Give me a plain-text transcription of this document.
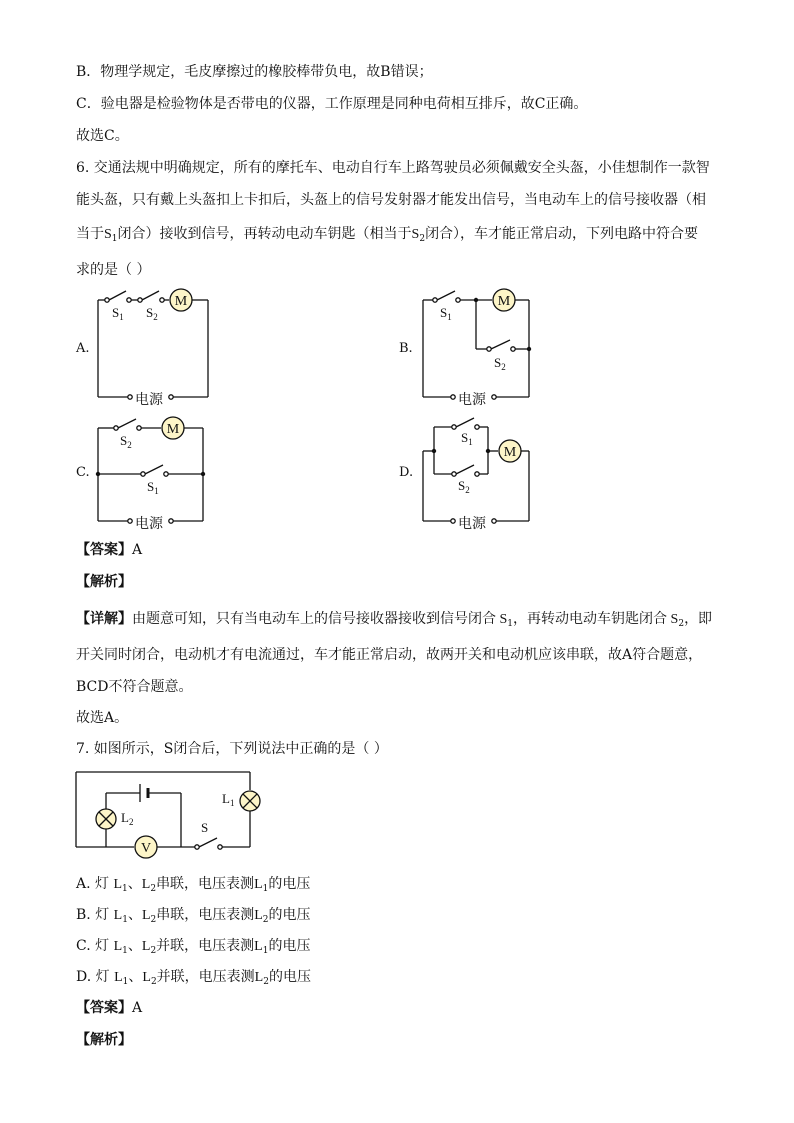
B．物理学规定，毛皮摩擦过的橡胶棒带负电，故B错误；
C．验电器是检验物体是否带电的仪器，工作原理是同种电荷相互排斥，故C正确。
故选C。
6. 交通法规中明确规定，所有的摩托车、电动自行车上路驾驶员必须佩戴安全头盔，小佳想制作一款智
能头盔，只有戴上头盔扣上卡扣后，头盔上的信号发射器才能发出信号，当电动车上的信号接收器（相
当于$S_1$闭合）接收到信号，再转动电动车钥匙（相当于$S_2$闭合），车才能正常启动，下列电路中符合要
求的是（ ）
M	M
M
M
V
A.	B.
C.	D.
$S_1$ $S_2$	$S_1$
$S_2$
$S_2$
$S_1$
$S_1$
$S_2$
电源	电源
电源	电源
【答案】A
【解析】
【详解】由题意可知，只有当电动车上的信号接收器接收到信号闭合 $S_1$，再转动电动车钥匙闭合 $S_2$，即
开关同时闭合，电动机才有电流通过，车才能正常启动，故两开关和电动机应该串联，故A符合题意，
BCD不符合题意。
故选A。
7. 如图所示，S闭合后，下列说法中正确的是（ ）
$L_2$
$L_1$
S
A. 灯 $L_1$、$L_2$串联，电压表测$L_1$的电压
B. 灯 $L_1$、$L_2$串联，电压表测$L_2$的电压
C. 灯 $L_1$、$L_2$并联，电压表测$L_1$的电压
D. 灯 $L_1$、$L_2$并联，电压表测$L_2$的电压
【答案】A
【解析】
